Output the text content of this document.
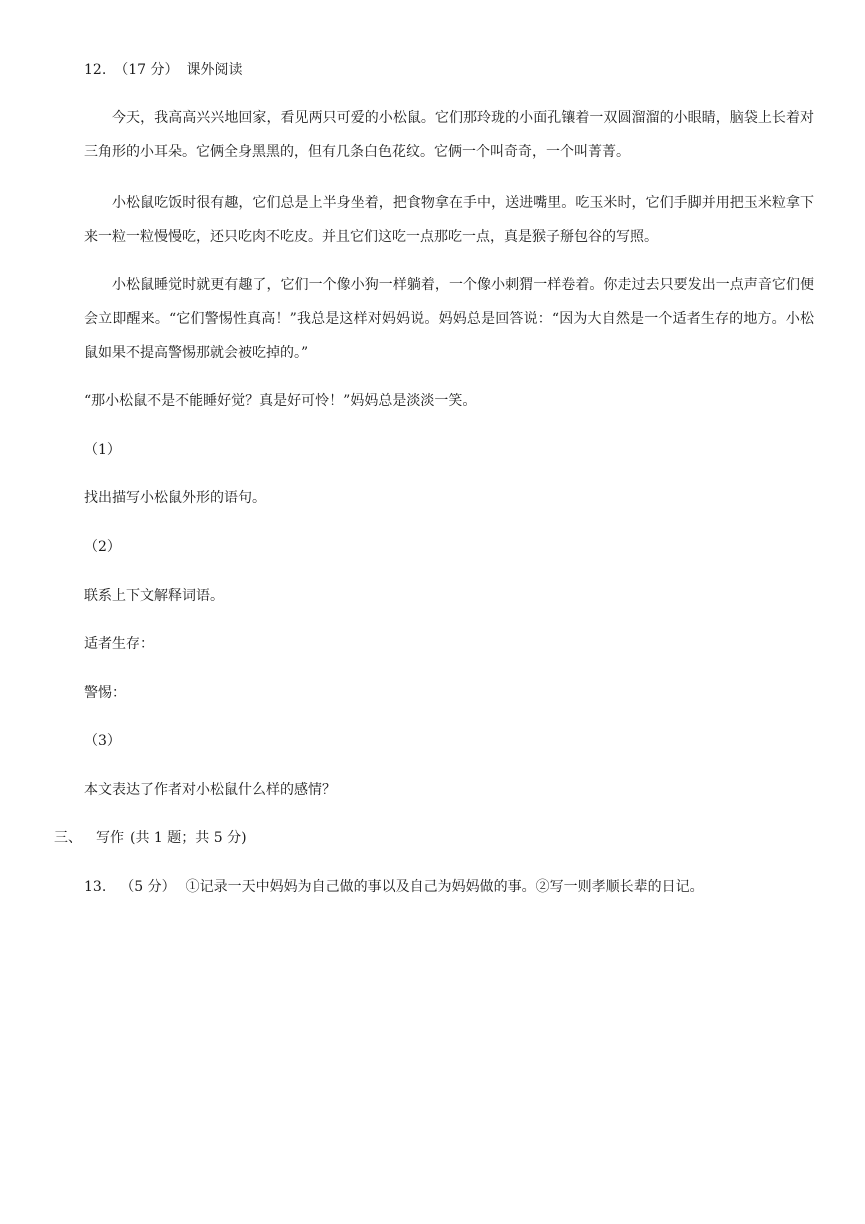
12. （17 分） 课外阅读
今天，我高高兴兴地回家，看见两只可爱的小松鼠。它们那玲珑的小面孔镶着一双圆溜溜的小眼睛，脑袋上长着对三角形的小耳朵。它俩全身黑黑的，但有几条白色花纹。它俩一个叫奇奇，一个叫菁菁。
小松鼠吃饭时很有趣，它们总是上半身坐着，把食物拿在手中，送进嘴里。吃玉米时，它们手脚并用把玉米粒拿下来一粒一粒慢慢吃，还只吃肉不吃皮。并且它们这吃一点那吃一点，真是猴子掰包谷的写照。
小松鼠睡觉时就更有趣了，它们一个像小狗一样躺着，一个像小刺猬一样卷着。你走过去只要发出一点声音它们便会立即醒来。“它们警惕性真高！”我总是这样对妈妈说。妈妈总是回答说：“因为大自然是一个适者生存的地方。小松鼠如果不提高警惕那就会被吃掉的。”
“那小松鼠不是不能睡好觉？真是好可怜！”妈妈总是淡淡一笑。
（1）
找出描写小松鼠外形的语句。
（2）
联系上下文解释词语。
适者生存：
警惕：
（3）
本文表达了作者对小松鼠什么样的感情？
三、 写作 (共 1 题；共 5 分)
13. （5 分） ①记录一天中妈妈为自己做的事以及自己为妈妈做的事。②写一则孝顺长辈的日记。
